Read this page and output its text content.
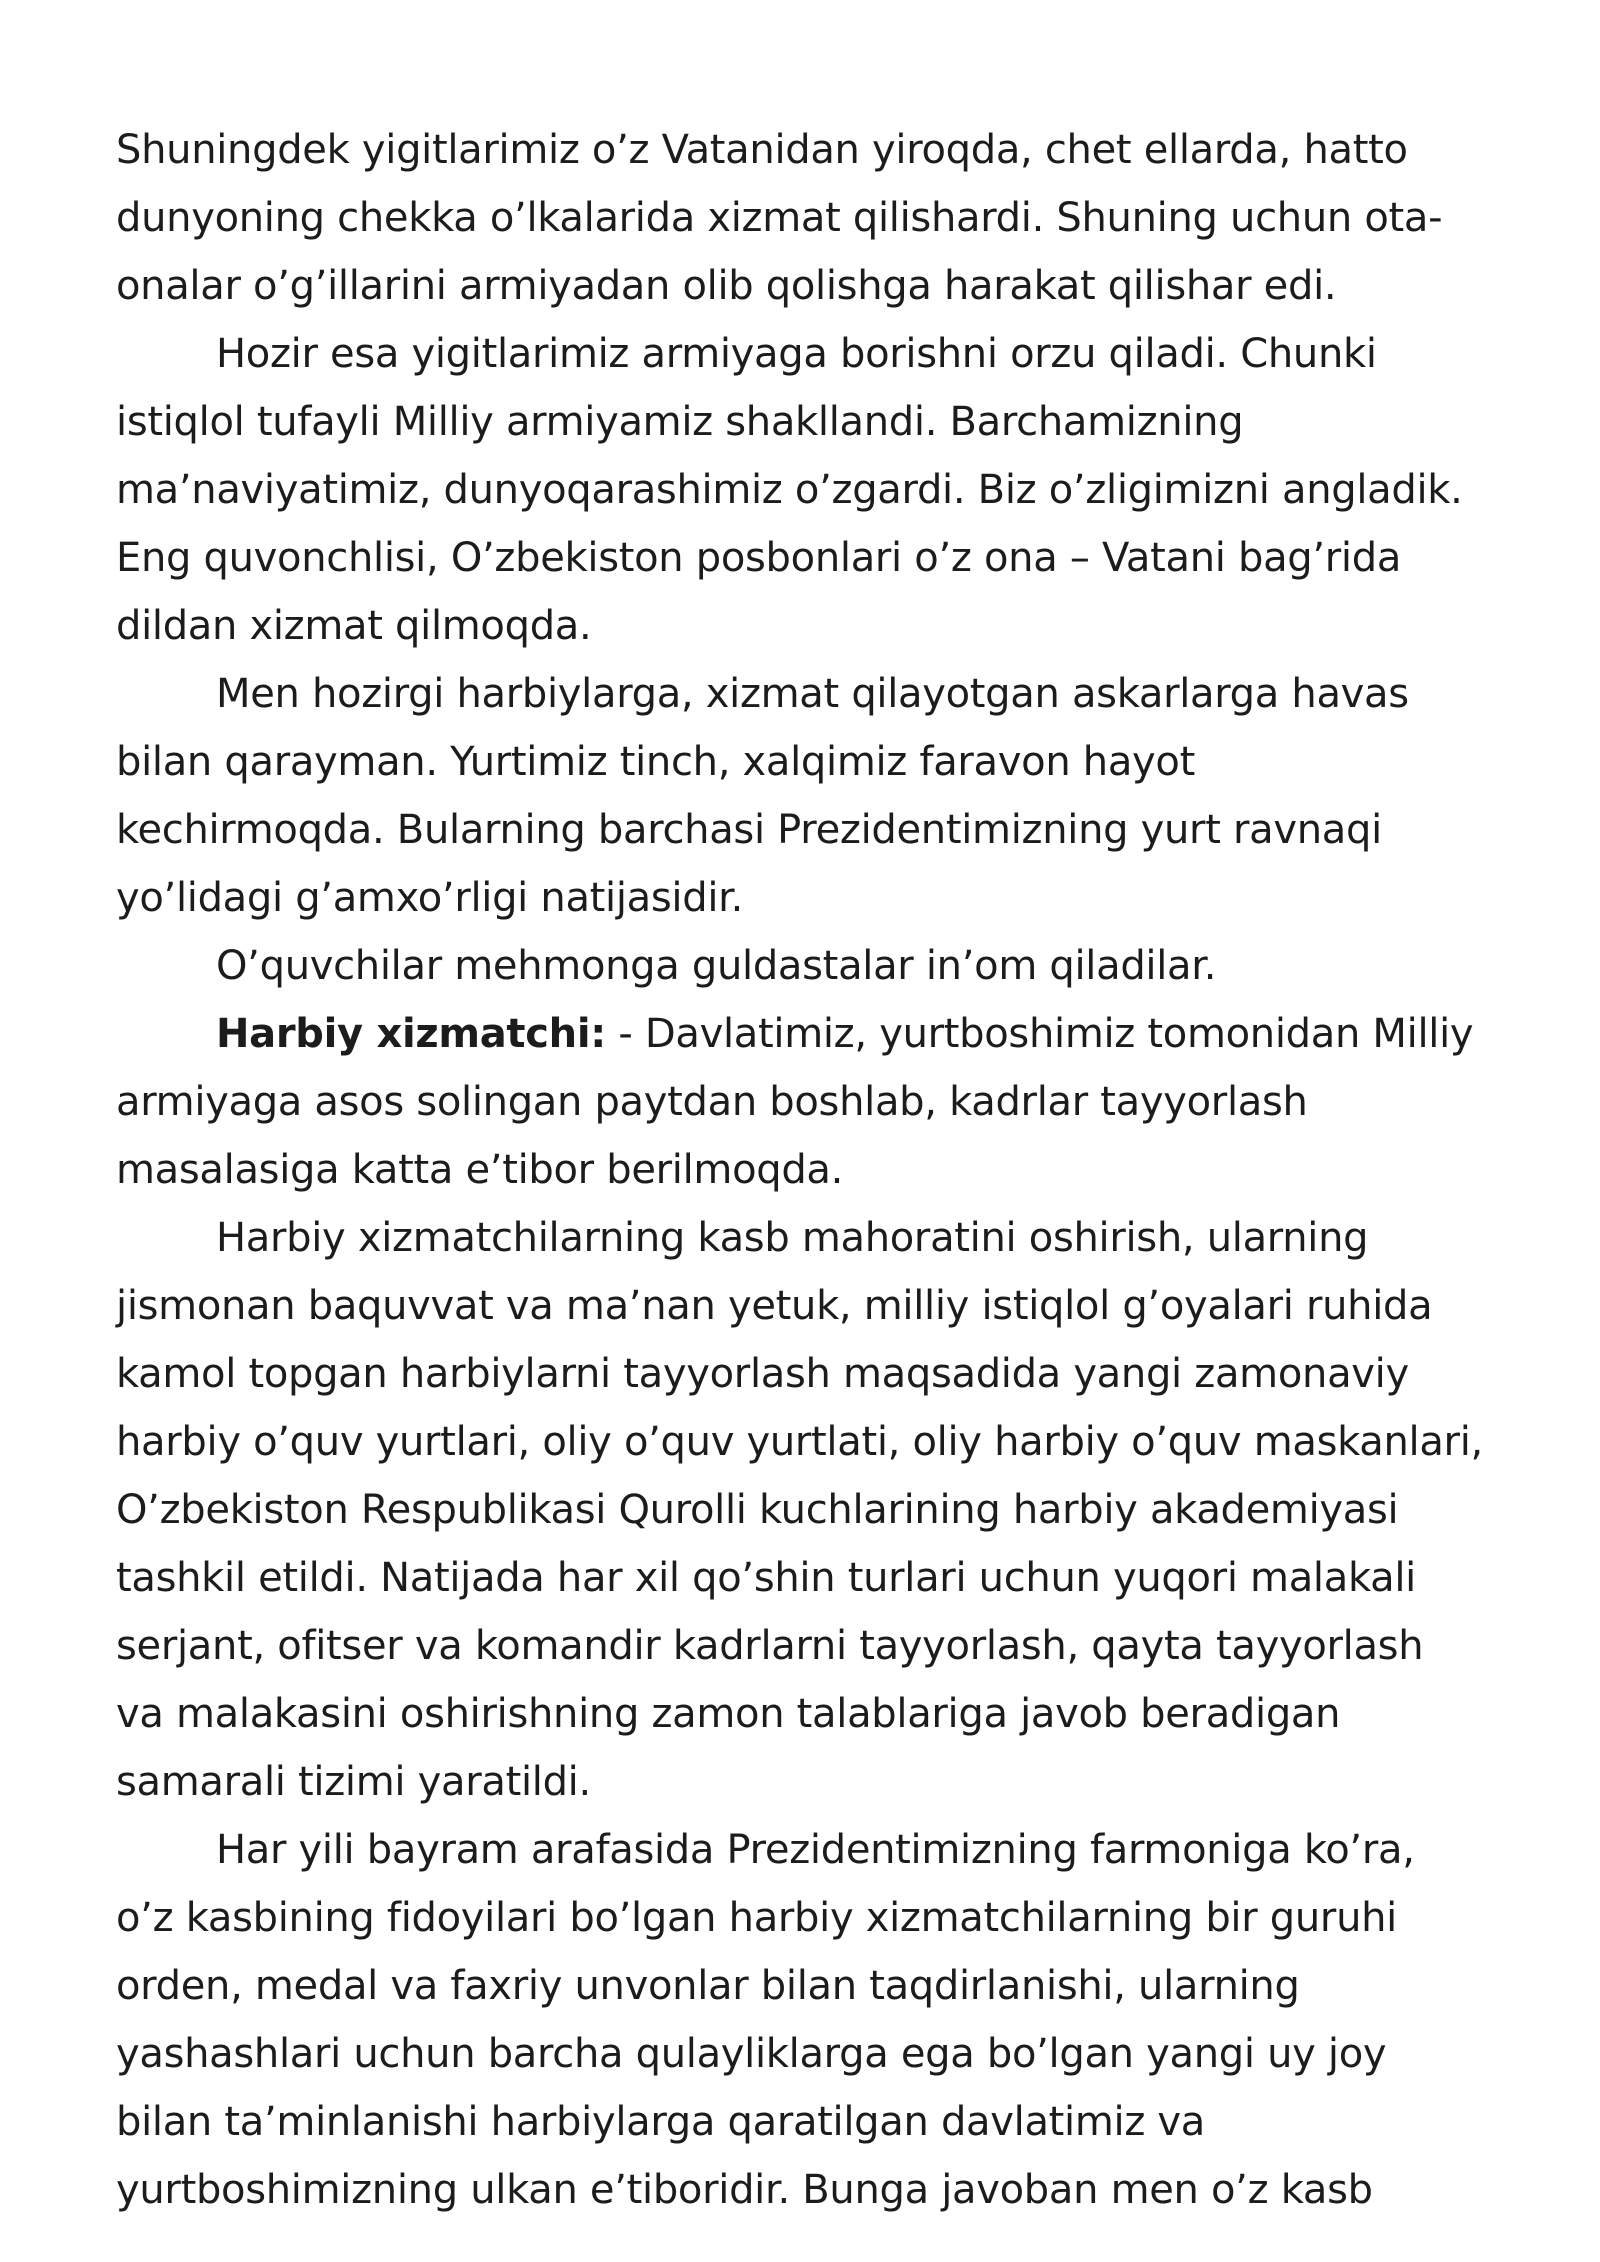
Shuningdek yigitlarimiz o’z Vatanidan yiroqda, chet ellarda, hatto
dunyoning chekka o’lkalarida xizmat qilishardi. Shuning uchun ota-
onalar o’g’illarini armiyadan olib qolishga harakat qilishar edi.
Hozir esa yigitlarimiz armiyaga borishni orzu qiladi. Chunki
istiqlol tufayli Milliy armiyamiz shakllandi. Barchamizning
ma’naviyatimiz, dunyoqarashimiz o’zgardi. Biz o’zligimizni angladik.
Eng quvonchlisi, O’zbekiston posbonlari o’z ona – Vatani bag’rida
dildan xizmat qilmoqda.
Men hozirgi harbiylarga, xizmat qilayotgan askarlarga havas
bilan qarayman. Yurtimiz tinch, xalqimiz faravon hayot
kechirmoqda. Bularning barchasi Prezidentimizning yurt ravnaqi
yo’lidagi g’amxo’rligi natijasidir.
O’quvchilar mehmonga guldastalar in’om qiladilar.
Harbiy xizmatchi: - Davlatimiz, yurtboshimiz tomonidan Milliy
armiyaga asos solingan paytdan boshlab, kadrlar tayyorlash
masalasiga katta e’tibor berilmoqda.
Harbiy xizmatchilarning kasb mahoratini oshirish, ularning
jismonan baquvvat va ma’nan yetuk, milliy istiqlol g’oyalari ruhida
kamol topgan harbiylarni tayyorlash maqsadida yangi zamonaviy
harbiy o’quv yurtlari, oliy o’quv yurtlati, oliy harbiy o’quv maskanlari,
O’zbekiston Respublikasi Qurolli kuchlarining harbiy akademiyasi
tashkil etildi. Natijada har xil qo’shin turlari uchun yuqori malakali
serjant, ofitser va komandir kadrlarni tayyorlash, qayta tayyorlash
va malakasini oshirishning zamon talablariga javob beradigan
samarali tizimi yaratildi.
Har yili bayram arafasida Prezidentimizning farmoniga ko’ra,
o’z kasbining fidoyilari bo’lgan harbiy xizmatchilarning bir guruhi
orden, medal va faxriy unvonlar bilan taqdirlanishi, ularning
yashashlari uchun barcha qulayliklarga ega bo’lgan yangi uy joy
bilan ta’minlanishi harbiylarga qaratilgan davlatimiz va
yurtboshimizning ulkan e’tiboridir. Bunga javoban men o’z kasb
